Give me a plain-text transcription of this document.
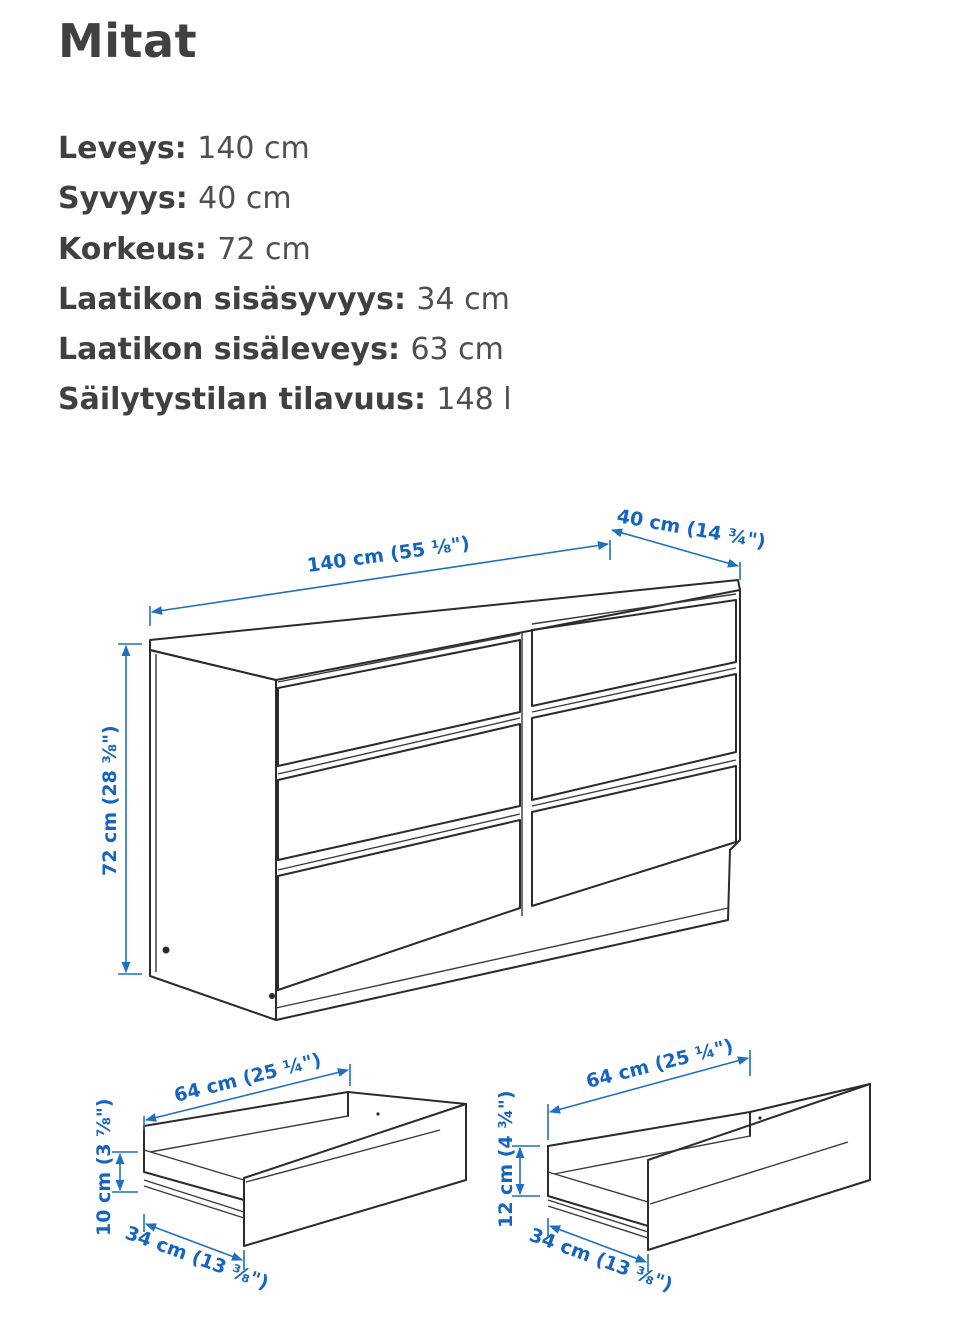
Mitat
Leveys: 140 cm
Syvyys: 40 cm
Korkeus: 72 cm
Laatikon sisäsyvyys: 34 cm
Laatikon sisäleveys: 63 cm
Säilytystilan tilavuus: 148 l
140 cm (55 ⅛")
40 cm (14 ¾")
72 cm (28 ⅜")
64 cm (25 ¼")
10 cm (3 ⅞")
34 cm (13 ⅜")
64 cm (25 ¼")
12 cm (4 ¾")
34 cm (13 ⅜")
